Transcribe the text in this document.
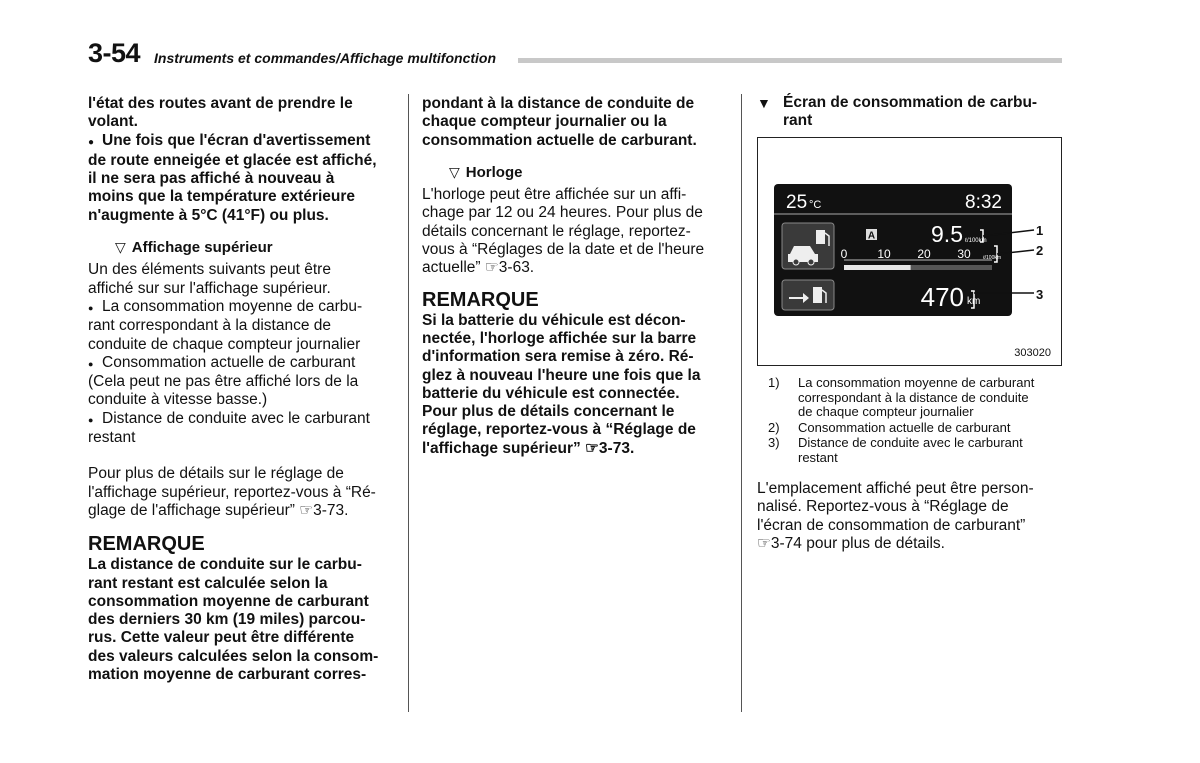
3-54 Instruments et commandes/Affichage multifonction

l'état des routes avant de prendre le
volant.

● Une fois que l'écran d'avertissement
de route enneigée et glacée est affiché,
il ne sera pas affiché à nouveau à
moins que la température extérieure
n'augmente à 5°C (41°F) ou plus.

▽ Affichage supérieur

Un des éléments suivants peut être
affiché sur sur l'affichage supérieur.

● La consommation moyenne de carbu-
rant correspondant à la distance de
conduite de chaque compteur journalier

● Consommation actuelle de carburant
(Cela peut ne pas être affiché lors de la
conduite à vitesse basse.)

● Distance de conduite avec le carburant
restant

Pour plus de détails sur le réglage de
l'affichage supérieur, reportez-vous à “Ré-
glage de l'affichage supérieur” ☞3-73.

REMARQUE

La distance de conduite sur le carbu-
rant restant est calculée selon la
consommation moyenne de carburant
des derniers 30 km (19 miles) parcou-
rus. Cette valeur peut être différente
des valeurs calculées selon la consom-
mation moyenne de carburant corres-

pondant à la distance de conduite de
chaque compteur journalier ou la
consommation actuelle de carburant.

▽ Horloge

L'horloge peut être affichée sur un affi-
chage par 12 ou 24 heures. Pour plus de
détails concernant le réglage, reportez-
vous à “Réglages de la date et de l'heure
actuelle” ☞3-63.

REMARQUE

Si la batterie du véhicule est décon-
nectée, l'horloge affichée sur la barre
d'information sera remise à zéro. Ré-
glez à nouveau l'heure une fois que la
batterie du véhicule est connectée.
Pour plus de détails concernant le
réglage, reportez-vous à “Réglage de
l'affichage supérieur” ☞3-73.

▼ Écran de consommation de carbu-
rant

25 °C	8:32
A 9.5 ℓ/100km
0 10 20 30 ℓ/100km
470 km
1
2
3
303020
1)	La consommation moyenne de carburant
correspondant à la distance de conduite
de chaque compteur journalier
2)	Consommation actuelle de carburant
3)	Distance de conduite avec le carburant
restant

L'emplacement affiché peut être person-
nalisé. Reportez-vous à “Réglage de
l'écran de consommation de carburant”
☞3-74 pour plus de détails.
